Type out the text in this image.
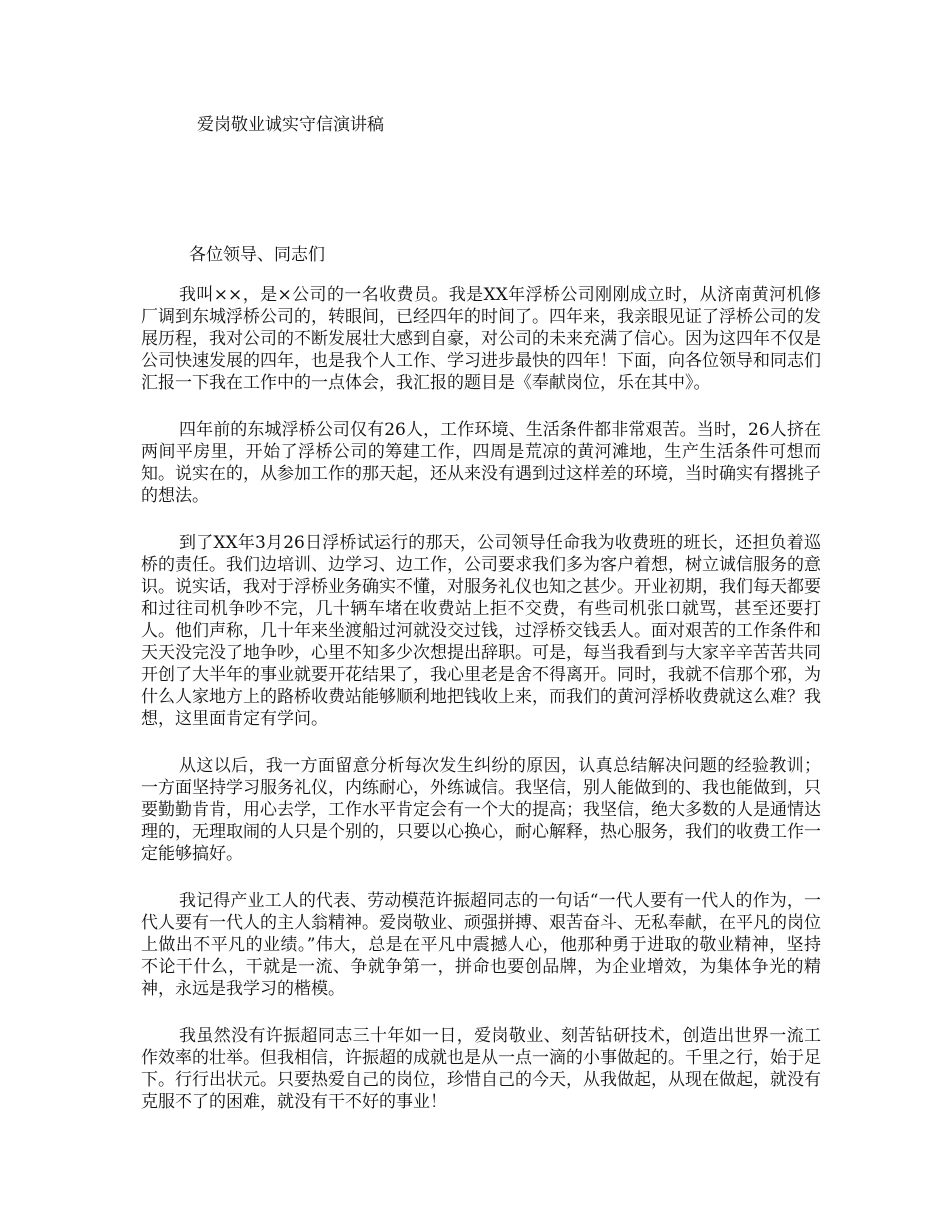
爱岗敬业诚实守信演讲稿

各位领导、同志们

我叫××，是×公司的一名收费员。我是XX年浮桥公司刚刚成立时，从济南黄河机修厂调到东城浮桥公司的，转眼间，已经四年的时间了。四年来，我亲眼见证了浮桥公司的发展历程，我对公司的不断发展壮大感到自豪，对公司的未来充满了信心。因为这四年不仅是公司快速发展的四年，也是我个人工作、学习进步最快的四年！下面，向各位领导和同志们汇报一下我在工作中的一点体会，我汇报的题目是《奉献岗位，乐在其中》。

四年前的东城浮桥公司仅有26人，工作环境、生活条件都非常艰苦。当时，26人挤在两间平房里，开始了浮桥公司的筹建工作，四周是荒凉的黄河滩地，生产生活条件可想而知。说实在的，从参加工作的那天起，还从来没有遇到过这样差的环境，当时确实有撂挑子的想法。

到了XX年3月26日浮桥试运行的那天，公司领导任命我为收费班的班长，还担负着巡桥的责任。我们边培训、边学习、边工作，公司要求我们多为客户着想，树立诚信服务的意识。说实话，我对于浮桥业务确实不懂，对服务礼仪也知之甚少。开业初期，我们每天都要和过往司机争吵不完，几十辆车堵在收费站上拒不交费，有些司机张口就骂，甚至还要打人。他们声称，几十年来坐渡船过河就没交过钱，过浮桥交钱丢人。面对艰苦的工作条件和天天没完没了地争吵，心里不知多少次想提出辞职。可是，每当我看到与大家辛辛苦苦共同开创了大半年的事业就要开花结果了，我心里老是舍不得离开。同时，我就不信那个邪，为什么人家地方上的路桥收费站能够顺利地把钱收上来，而我们的黄河浮桥收费就这么难？我想，这里面肯定有学问。

从这以后，我一方面留意分析每次发生纠纷的原因，认真总结解决问题的经验教训；一方面坚持学习服务礼仪，内练耐心，外练诚信。我坚信，别人能做到的、我也能做到，只要勤勤肯肯，用心去学，工作水平肯定会有一个大的提高；我坚信，绝大多数的人是通情达理的，无理取闹的人只是个别的，只要以心换心，耐心解释，热心服务，我们的收费工作一定能够搞好。

我记得产业工人的代表、劳动模范许振超同志的一句话“一代人要有一代人的作为，一代人要有一代人的主人翁精神。爱岗敬业、顽强拼搏、艰苦奋斗、无私奉献，在平凡的岗位上做出不平凡的业绩。”伟大，总是在平凡中震撼人心，他那种勇于进取的敬业精神，坚持不论干什么，干就是一流、争就争第一，拼命也要创品牌，为企业增效，为集体争光的精神，永远是我学习的楷模。

我虽然没有许振超同志三十年如一日，爱岗敬业、刻苦钻研技术，创造出世界一流工作效率的壮举。但我相信，许振超的成就也是从一点一滴的小事做起的。千里之行，始于足下。行行出状元。只要热爱自己的岗位，珍惜自己的今天，从我做起，从现在做起，就没有克服不了的困难，就没有干不好的事业！
